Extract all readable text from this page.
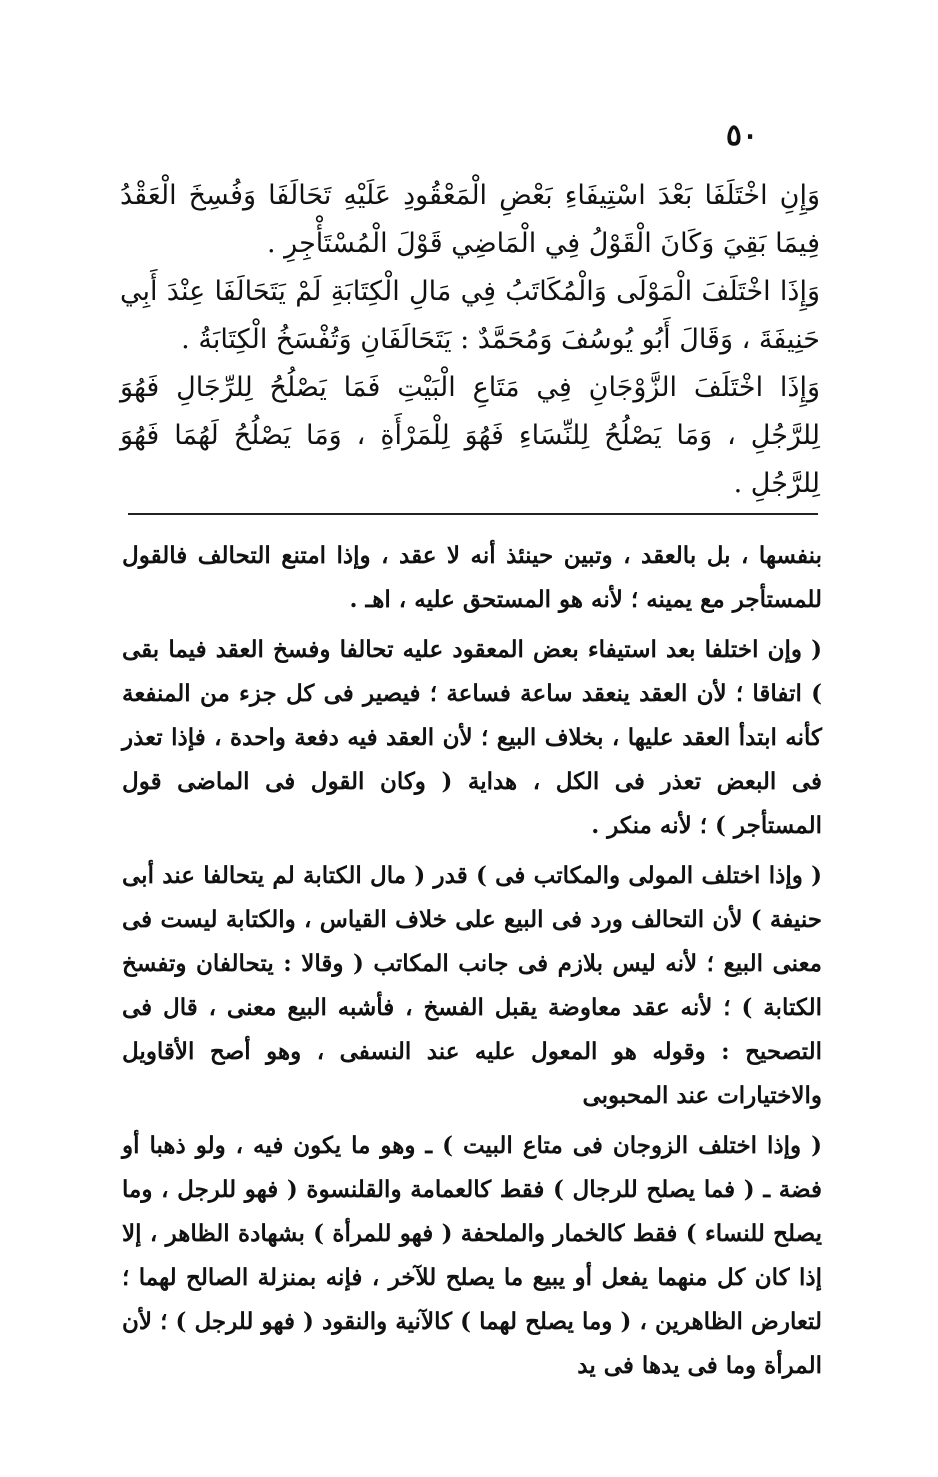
٥٠

وَإِنِ اخْتَلَفَا بَعْدَ اسْتِيفَاءِ بَعْضِ الْمَعْقُودِ عَلَيْهِ تَحَالَفَا وَفُسِخَ الْعَقْدُ فِيمَا بَقِيَ وَكَانَ الْقَوْلُ فِي الْمَاضِي قَوْلَ الْمُسْتَأْجِرِ .

وَإِذَا اخْتَلَفَ الْمَوْلَى وَالْمُكَاتَبُ فِي مَالِ الْكِتَابَةِ لَمْ يَتَحَالَفَا عِنْدَ أَبِي حَنِيفَةَ ، وَقَالَ أَبُو يُوسُفَ وَمُحَمَّدٌ : يَتَحَالَفَانِ وَتُفْسَخُ الْكِتَابَةُ .

وَإِذَا اخْتَلَفَ الزَّوْجَانِ فِي مَتَاعِ الْبَيْتِ فَمَا يَصْلُحُ لِلرِّجَالِ فَهُوَ لِلرَّجُلِ ، وَمَا يَصْلُحُ لِلنِّسَاءِ فَهُوَ لِلْمَرْأَةِ ، وَمَا يَصْلُحُ لَهُمَا فَهُوَ لِلرَّجُلِ .

بنفسها ، بل بالعقد ، وتبين حينئذ أنه لا عقد ، وإذا امتنع التحالف فالقول للمستأجر مع يمينه ؛ لأنه هو المستحق عليه ، اهـ .

( وإن اختلفا بعد استيفاء بعض المعقود عليه تحالفا وفسخ العقد فيما بقى ) اتفاقا ؛ لأن العقد ينعقد ساعة فساعة ؛ فيصير فى كل جزء من المنفعة كأنه ابتدأ العقد عليها ، بخلاف البيع ؛ لأن العقد فيه دفعة واحدة ، فإذا تعذر فى البعض تعذر فى الكل ، هداية ( وكان القول فى الماضى قول المستأجر ) ؛ لأنه منكر .

( وإذا اختلف المولى والمكاتب فى ) قدر ( مال الكتابة لم يتحالفا عند أبى حنيفة ) لأن التحالف ورد فى البيع على خلاف القياس ، والكتابة ليست فى معنى البيع ؛ لأنه ليس بلازم فى جانب المكاتب ( وقالا : يتحالفان وتفسخ الكتابة ) ؛ لأنه عقد معاوضة يقبل الفسخ ، فأشبه البيع معنى ، قال فى التصحيح : وقوله هو المعول عليه عند النسفى ، وهو أصح الأقاويل والاختيارات عند المحبوبى

( وإذا اختلف الزوجان فى متاع البيت ) ـ وهو ما يكون فيه ، ولو ذهبا أو فضة ـ ( فما يصلح للرجال ) فقط كالعمامة والقلنسوة ( فهو للرجل ، وما يصلح للنساء ) فقط كالخمار والملحفة ( فهو للمرأة ) بشهادة الظاهر ، إلا إذا كان كل منهما يفعل أو يبيع ما يصلح للآخر ، فإنه بمنزلة الصالح لهما ؛ لتعارض الظاهرين ، ( وما يصلح لهما ) كالآنية والنقود ( فهو للرجل ) ؛ لأن المرأة وما فى يدها فى يد
